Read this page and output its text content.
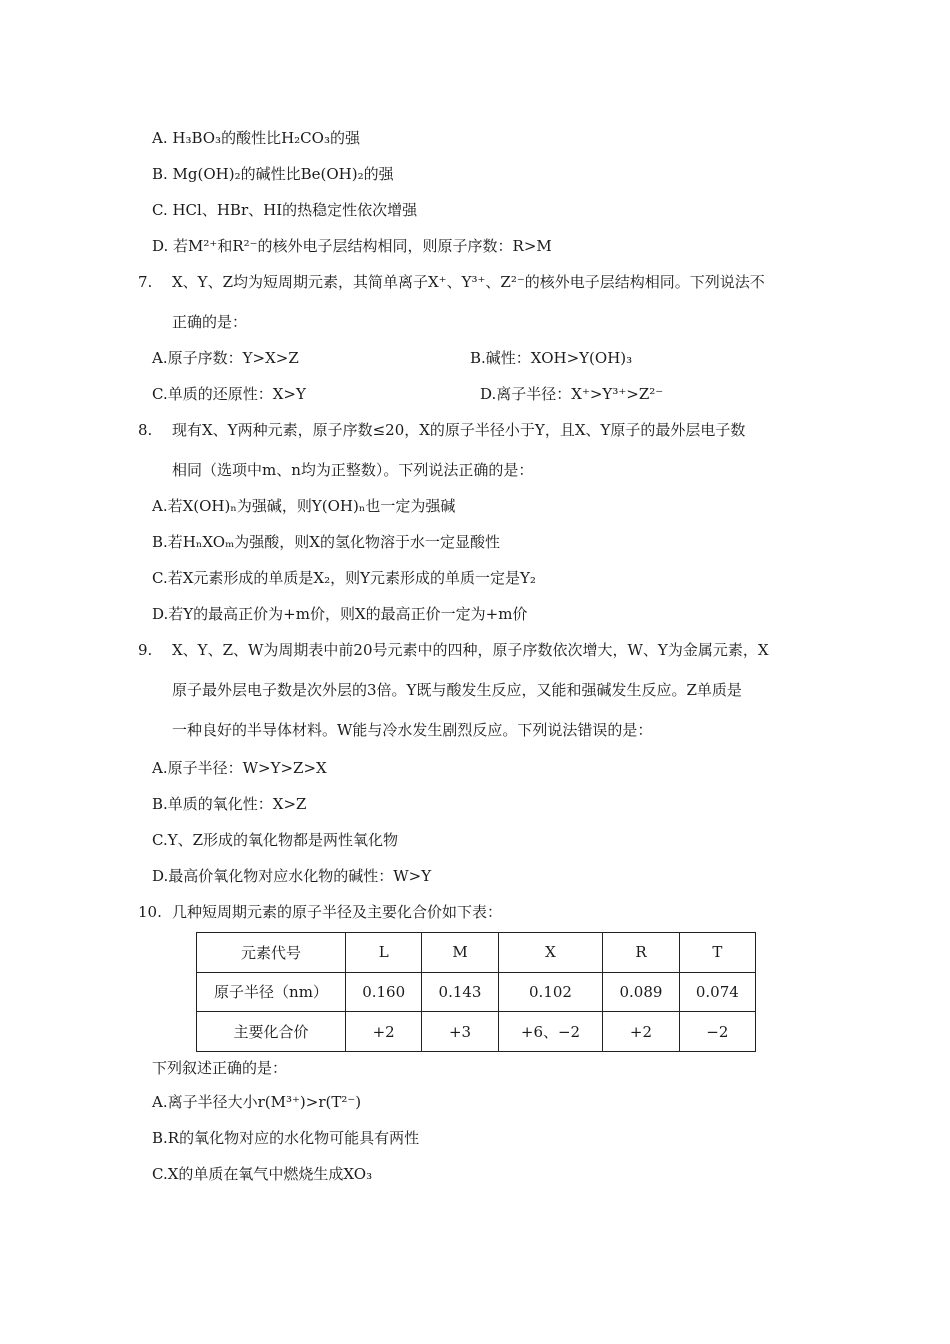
A. H₃BO₃的酸性比H₂CO₃的强
B. Mg(OH)₂的碱性比Be(OH)₂的强
C. HCl、HBr、HI的热稳定性依次增强
D. 若M²⁺和R²⁻的核外电子层结构相同，则原子序数：R>M
7. X、Y、Z均为短周期元素，其简单离子X⁺、Y³⁺、Z²⁻的核外电子层结构相同。下列说法不
正确的是：
A.原子序数：Y>X>Z	B.碱性：XOH>Y(OH)₃
C.单质的还原性：X>Y	D.离子半径：X⁺>Y³⁺>Z²⁻
8. 现有X、Y两种元素，原子序数≤20，X的原子半径小于Y，且X、Y原子的最外层电子数
相同（选项中m、n均为正整数）。下列说法正确的是：
A.若X(OH)ₙ为强碱，则Y(OH)ₙ也一定为强碱
B.若HₙXOₘ为强酸，则X的氢化物溶于水一定显酸性
C.若X元素形成的单质是X₂，则Y元素形成的单质一定是Y₂
D.若Y的最高正价为+m价，则X的最高正价一定为+m价
9. X、Y、Z、W为周期表中前20号元素中的四种，原子序数依次增大，W、Y为金属元素，X
原子最外层电子数是次外层的3倍。Y既与酸发生反应，又能和强碱发生反应。Z单质是
一种良好的半导体材料。W能与冷水发生剧烈反应。下列说法错误的是：
A.原子半径：W>Y>Z>X
B.单质的氧化性：X>Z
C.Y、Z形成的氧化物都是两性氧化物
D.最高价氧化物对应水化物的碱性：W>Y
10. 几种短周期元素的原子半径及主要化合价如下表：
元素代号	L	M	X	R	T
原子半径（nm）	0.160	0.143	0.102	0.089	0.074
主要化合价	+2	+3	+6、−2	+2	−2
下列叙述正确的是：
A.离子半径大小r(M³⁺)>r(T²⁻)
B.R的氧化物对应的水化物可能具有两性
C.X的单质在氧气中燃烧生成XO₃
